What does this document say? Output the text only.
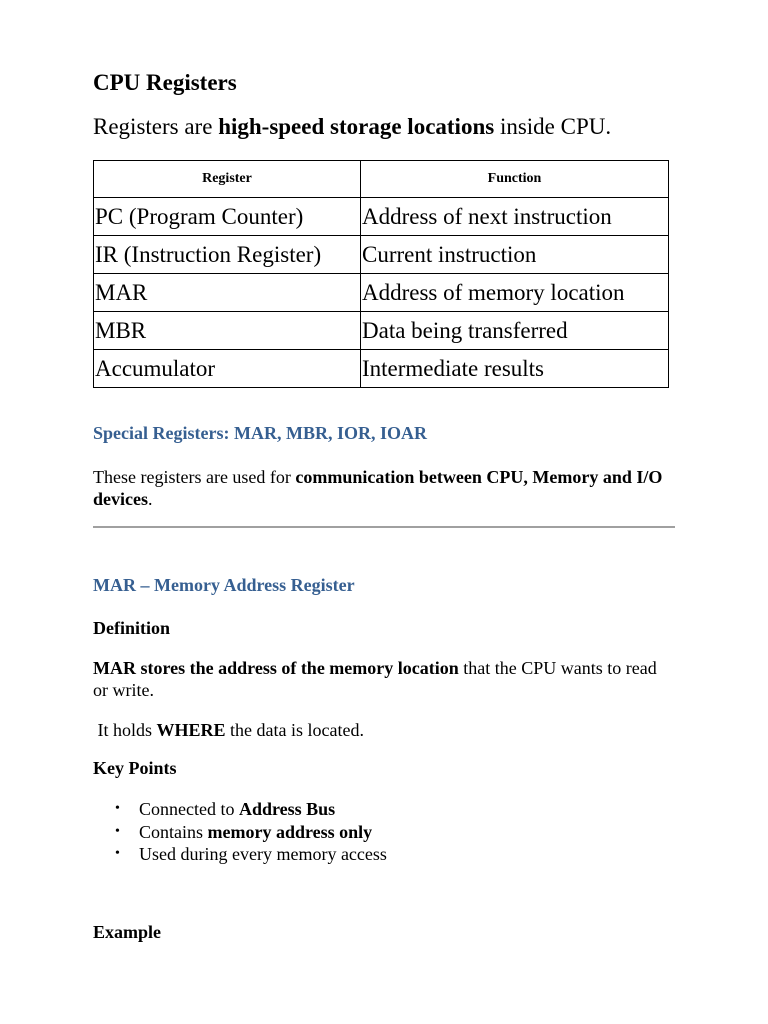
CPU Registers

Registers are high-speed storage locations inside CPU.

Register	Function
PC (Program Counter)	Address of next instruction
IR (Instruction Register)	Current instruction
MAR	Address of memory location
MBR	Data being transferred
Accumulator	Intermediate results
Special Registers: MAR, MBR, IOR, IOAR

These registers are used for communication between CPU, Memory and I/O devices.

MAR – Memory Address Register

Definition

MAR stores the address of the memory location that the CPU wants to read or write.

It holds WHERE the data is located.

Key Points

• Connected to Address Bus
• Contains memory address only
• Used during every memory access

Example
